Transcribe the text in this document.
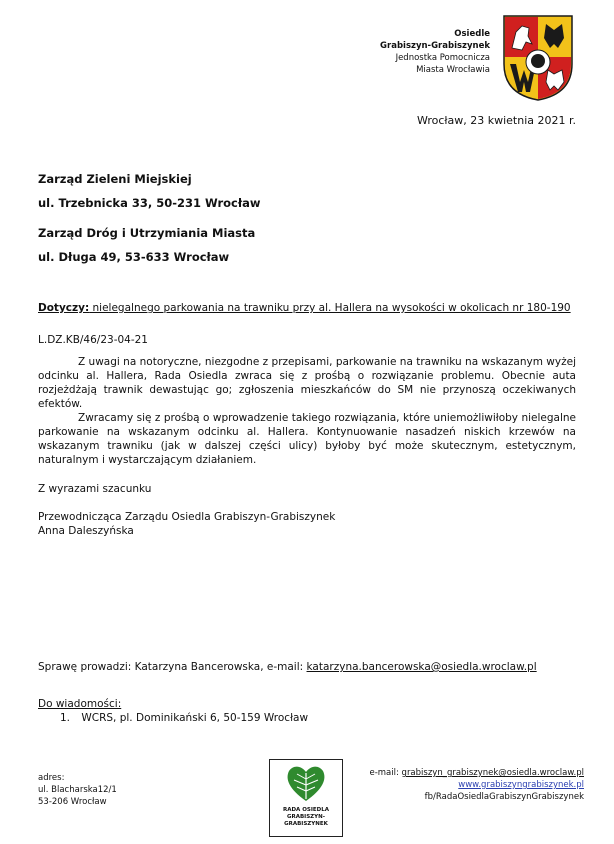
Osiedle
Grabiszyn-Grabiszynek
Jednostka Pomocnicza
Miasta Wrocławia
Wrocław, 23 kwietnia 2021 r.
Zarząd Zieleni Miejskiej
ul. Trzebnicka 33, 50-231 Wrocław
Zarząd Dróg i Utrzymiania Miasta
ul. Długa 49, 53-633 Wrocław
Dotyczy: nielegalnego parkowania na trawniku przy al. Hallera na wysokości w okolicach nr 180-190
L.DZ.KB/46/23-04-21
Z uwagi na notoryczne, niezgodne z przepisami, parkowanie na trawniku na wskazanym wyżej odcinku al. Hallera, Rada Osiedla zwraca się z prośbą o rozwiązanie problemu. Obecnie auta rozjeżdżają trawnik dewastując go; zgłoszenia mieszkańców do SM nie przynoszą oczekiwanych efektów.
Zwracamy się z prośbą o wprowadzenie takiego rozwiązania, które uniemożliwiłoby nielegalne parkowanie na wskazanym odcinku al. Hallera. Kontynuowanie nasadzeń niskich krzewów na wskazanym trawniku (jak w dalszej części ulicy) byłoby być może skutecznym, estetycznym, naturalnym i wystarczającym działaniem.
Z wyrazami szacunku
Przewodnicząca Zarządu Osiedla Grabiszyn-Grabiszynek
Anna Daleszyńska
Sprawę prowadzi: Katarzyna Bancerowska, e-mail: katarzyna.bancerowska@osiedla.wroclaw.pl
Do wiadomości:
1. WCRS, pl. Dominikański 6, 50-159 Wrocław
adres:
ul. Blacharska12/1
53-206 Wrocław
RADA OSIEDLA
GRABISZYN-
GRABISZYNEK
e-mail: grabiszyn_grabiszynek@osiedla.wroclaw.pl
www.grabiszyngrabiszynek.pl
fb/RadaOsiedlaGrabiszynGrabiszynek
